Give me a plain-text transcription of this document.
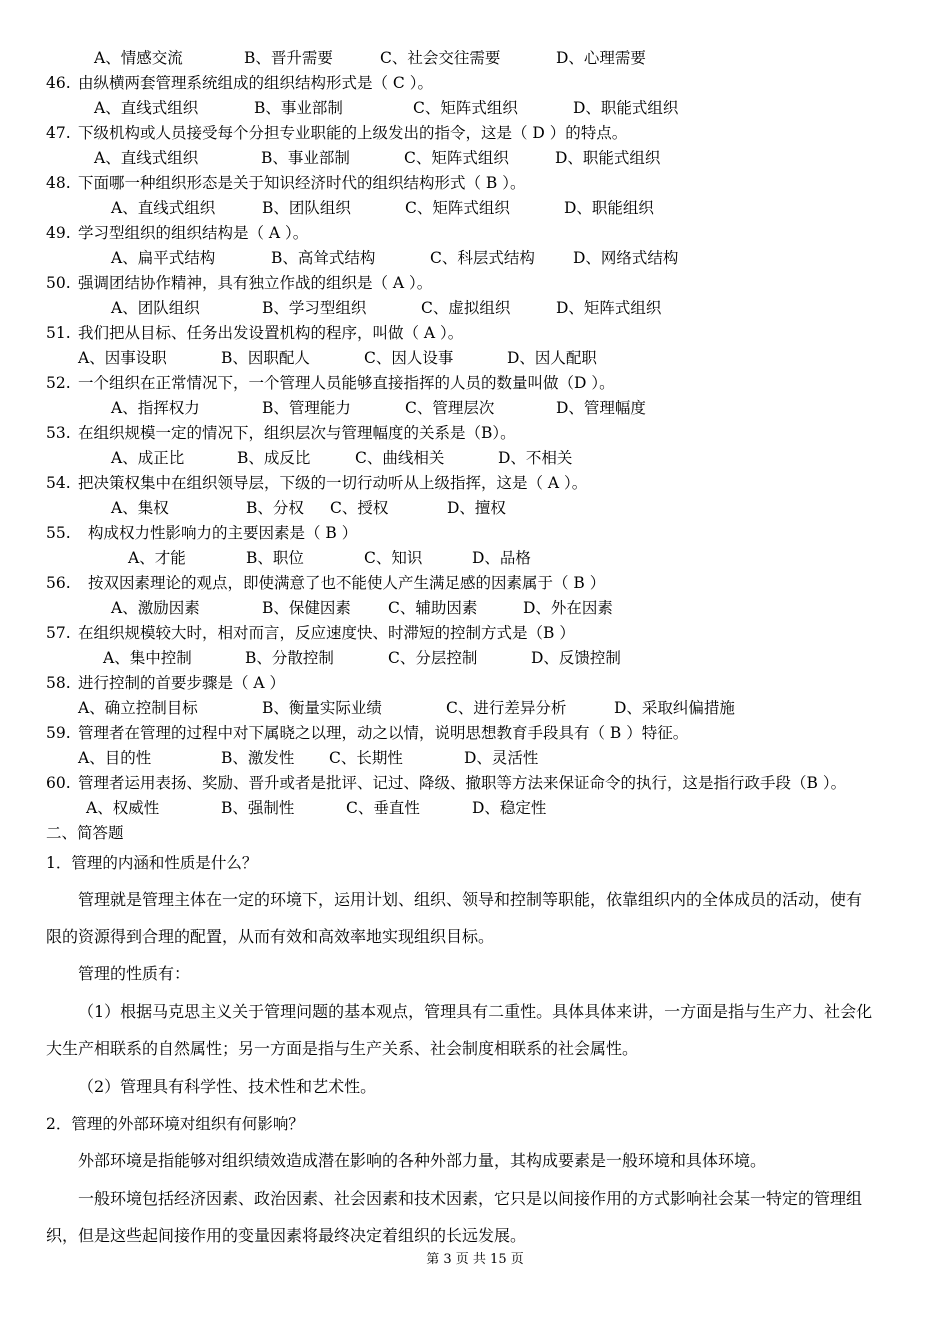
A、情感交流	B、晋升需要	C、社会交往需要	D、心理需要
46. 由纵横两套管理系统组成的组织结构形式是（ C ）。
A、直线式组织	B、事业部制	C、矩阵式组织	D、职能式组织
47. 下级机构或人员接受每个分担专业职能的上级发出的指令，这是（ D ）的特点。
A、直线式组织	B、事业部制	C、矩阵式组织	D、职能式组织
48. 下面哪一种组织形态是关于知识经济时代的组织结构形式（ B ）。
A、直线式组织	B、团队组织	C、矩阵式组织	D、职能组织
49. 学习型组织的组织结构是（ A ）。
A、扁平式结构	B、高耸式结构	C、科层式结构 D、网络式结构
50. 强调团结协作精神，具有独立作战的组织是（ A ）。
A、团队组织	B、学习型组织	C、虚拟组织	D、矩阵式组织
51. 我们把从目标、任务出发设置机构的程序，叫做（ A ）。
A、因事设职	B、因职配人	C、因人设事	D、因人配职
52. 一个组织在正常情况下，一个管理人员能够直接指挥的人员的数量叫做（D ）。
A、指挥权力	B、管理能力	C、管理层次	D、管理幅度
53. 在组织规模一定的情况下，组织层次与管理幅度的关系是（B）。
A、成正比	B、成反比	C、曲线相关	D、不相关
54. 把决策权集中在组织领导层，下级的一切行动听从上级指挥，这是（ A ）。
A、集权	B、分权 C、授权	D、擅权
55. 构成权力性影响力的主要因素是（ B ）
A、才能	B、职位	C、知识	D、品格
56. 按双因素理论的观点，即使满意了也不能使人产生满足感的因素属于（ B ）
A、激励因素	B、保健因素 C、辅助因素	D、外在因素
57. 在组织规模较大时，相对而言，反应速度快、时滞短的控制方式是（B ）
A、集中控制	B、分散控制	C、分层控制	D、反馈控制
58. 进行控制的首要步骤是（ A ）
A、确立控制目标	B、衡量实际业绩	C、进行差异分析	D、采取纠偏措施
59. 管理者在管理的过程中对下属晓之以理，动之以情，说明思想教育手段具有（ B ）特征。
A、目的性	B、激发性 C、长期性	D、灵活性
60. 管理者运用表扬、奖励、晋升或者是批评、记过、降级、撤职等方法来保证命令的执行，这是指行政手段（B ）。
A、权威性	B、强制性	C、垂直性	D、稳定性
二、简答题
1．管理的内涵和性质是什么？
管理就是管理主体在一定的环境下，运用计划、组织、领导和控制等职能，依靠组织内的全体成员的活动，使有
限的资源得到合理的配置，从而有效和高效率地实现组织目标。
管理的性质有：
（1）根据马克思主义关于管理问题的基本观点，管理具有二重性。具体具体来讲，一方面是指与生产力、社会化
大生产相联系的自然属性；另一方面是指与生产关系、社会制度相联系的社会属性。
（2）管理具有科学性、技术性和艺术性。
2．管理的外部环境对组织有何影响？
外部环境是指能够对组织绩效造成潜在影响的各种外部力量，其构成要素是一般环境和具体环境。
一般环境包括经济因素、政治因素、社会因素和技术因素，它只是以间接作用的方式影响社会某一特定的管理组
织，但是这些起间接作用的变量因素将最终决定着组织的长远发展。
第 3 页 共 15 页
